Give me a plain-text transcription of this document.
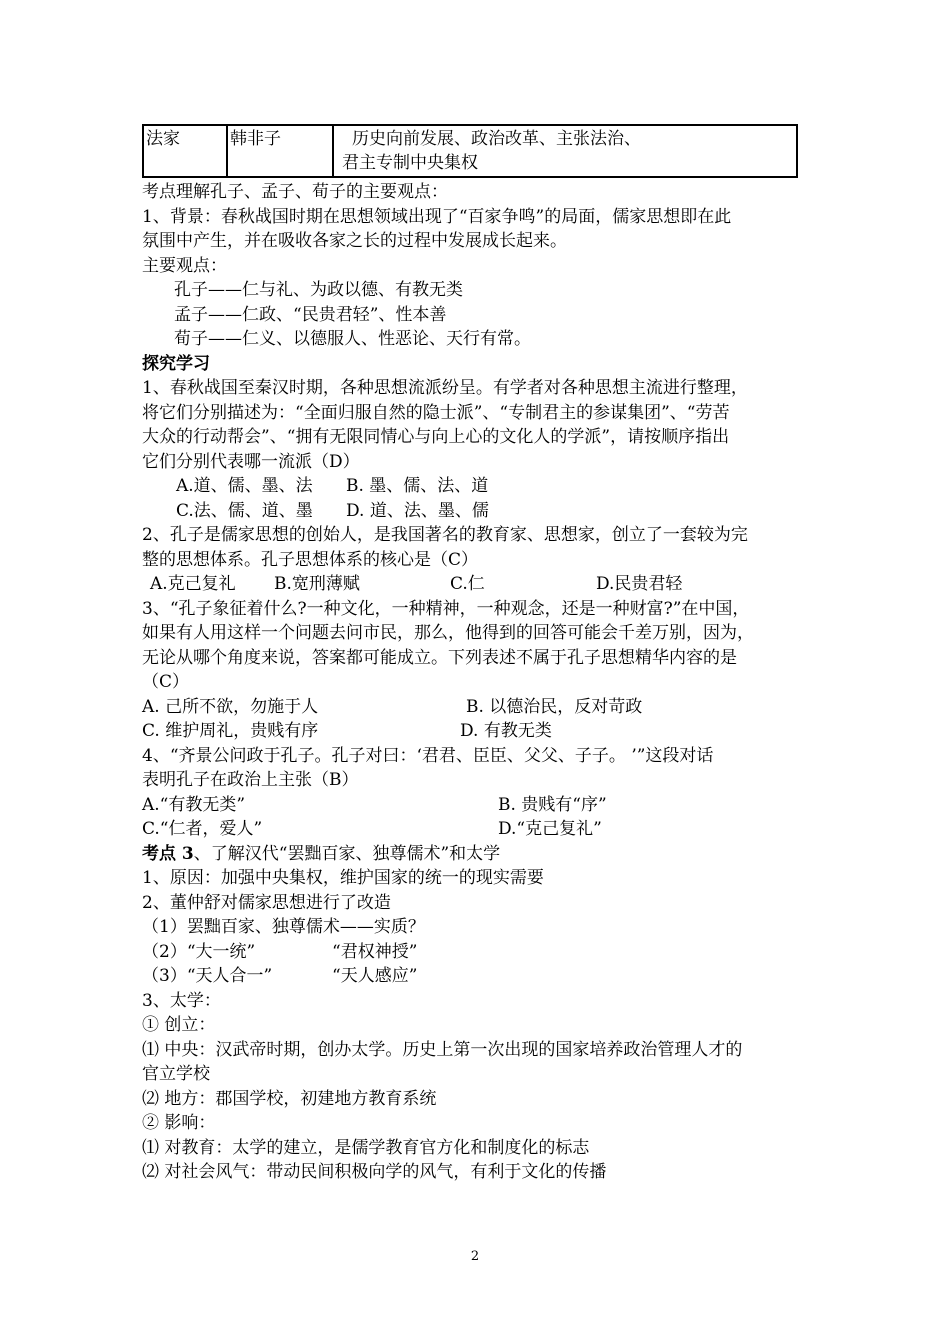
法家	韩非子	历史向前发展、政治改革、主张法治、
君主专制中央集权
考点理解孔子、孟子、荀子的主要观点：
1、背景：春秋战国时期在思想领域出现了“百家争鸣”的局面，儒家思想即在此
氛围中产生，并在吸收各家之长的过程中发展成长起来。
主要观点：
孔子——仁与礼、为政以德、有教无类
孟子——仁政、“民贵君轻”、性本善
荀子——仁义、以德服人、性恶论、天行有常。
探究学习
1、春秋战国至秦汉时期，各种思想流派纷呈。有学者对各种思想主流进行整理，
将它们分别描述为：“全面归服自然的隐士派”、“专制君主的参谋集团”、“劳苦
大众的行动帮会”、“拥有无限同情心与向上心的文化人的学派”，请按顺序指出
它们分别代表哪一流派（D）
A.道、儒、墨、法	B. 墨、儒、法、道
C.法、儒、道、墨	D. 道、法、墨、儒
2、孔子是儒家思想的创始人，是我国著名的教育家、思想家，创立了一套较为完
整的思想体系。孔子思想体系的核心是（C）
A.克己复礼	B.宽刑薄赋	C.仁	D.民贵君轻
3、“孔子象征着什么?一种文化，一种精神，一种观念，还是一种财富?”在中国，
如果有人用这样一个问题去问市民，那么，他得到的回答可能会千差万别，因为，
无论从哪个角度来说，答案都可能成立。下列表述不属于孔子思想精华内容的是
（C）
A. 己所不欲，勿施于人	B. 以德治民，反对苛政
C. 维护周礼，贵贱有序	D. 有教无类
4、“齐景公问政于孔子。孔子对曰：‘君君、臣臣、父父、子子。 ’”这段对话
表明孔子在政治上主张（B）
A.“有教无类”	B. 贵贱有“序”
C.“仁者，爱人”	D.“克己复礼”
考点 3、了解汉代“罢黜百家、独尊儒术”和太学
1、原因：加强中央集权，维护国家的统一的现实需要
2、董仲舒对儒家思想进行了改造
（1）罢黜百家、独尊儒术——实质？
（2）“大一统”	“君权神授”
（3）“天人合一”	“天人感应”
3、太学：
① 创立：
⑴ 中央：汉武帝时期，创办太学。历史上第一次出现的国家培养政治管理人才的
官立学校
⑵ 地方：郡国学校，初建地方教育系统
② 影响：
⑴ 对教育：太学的建立，是儒学教育官方化和制度化的标志
⑵ 对社会风气：带动民间积极向学的风气，有利于文化的传播
2
